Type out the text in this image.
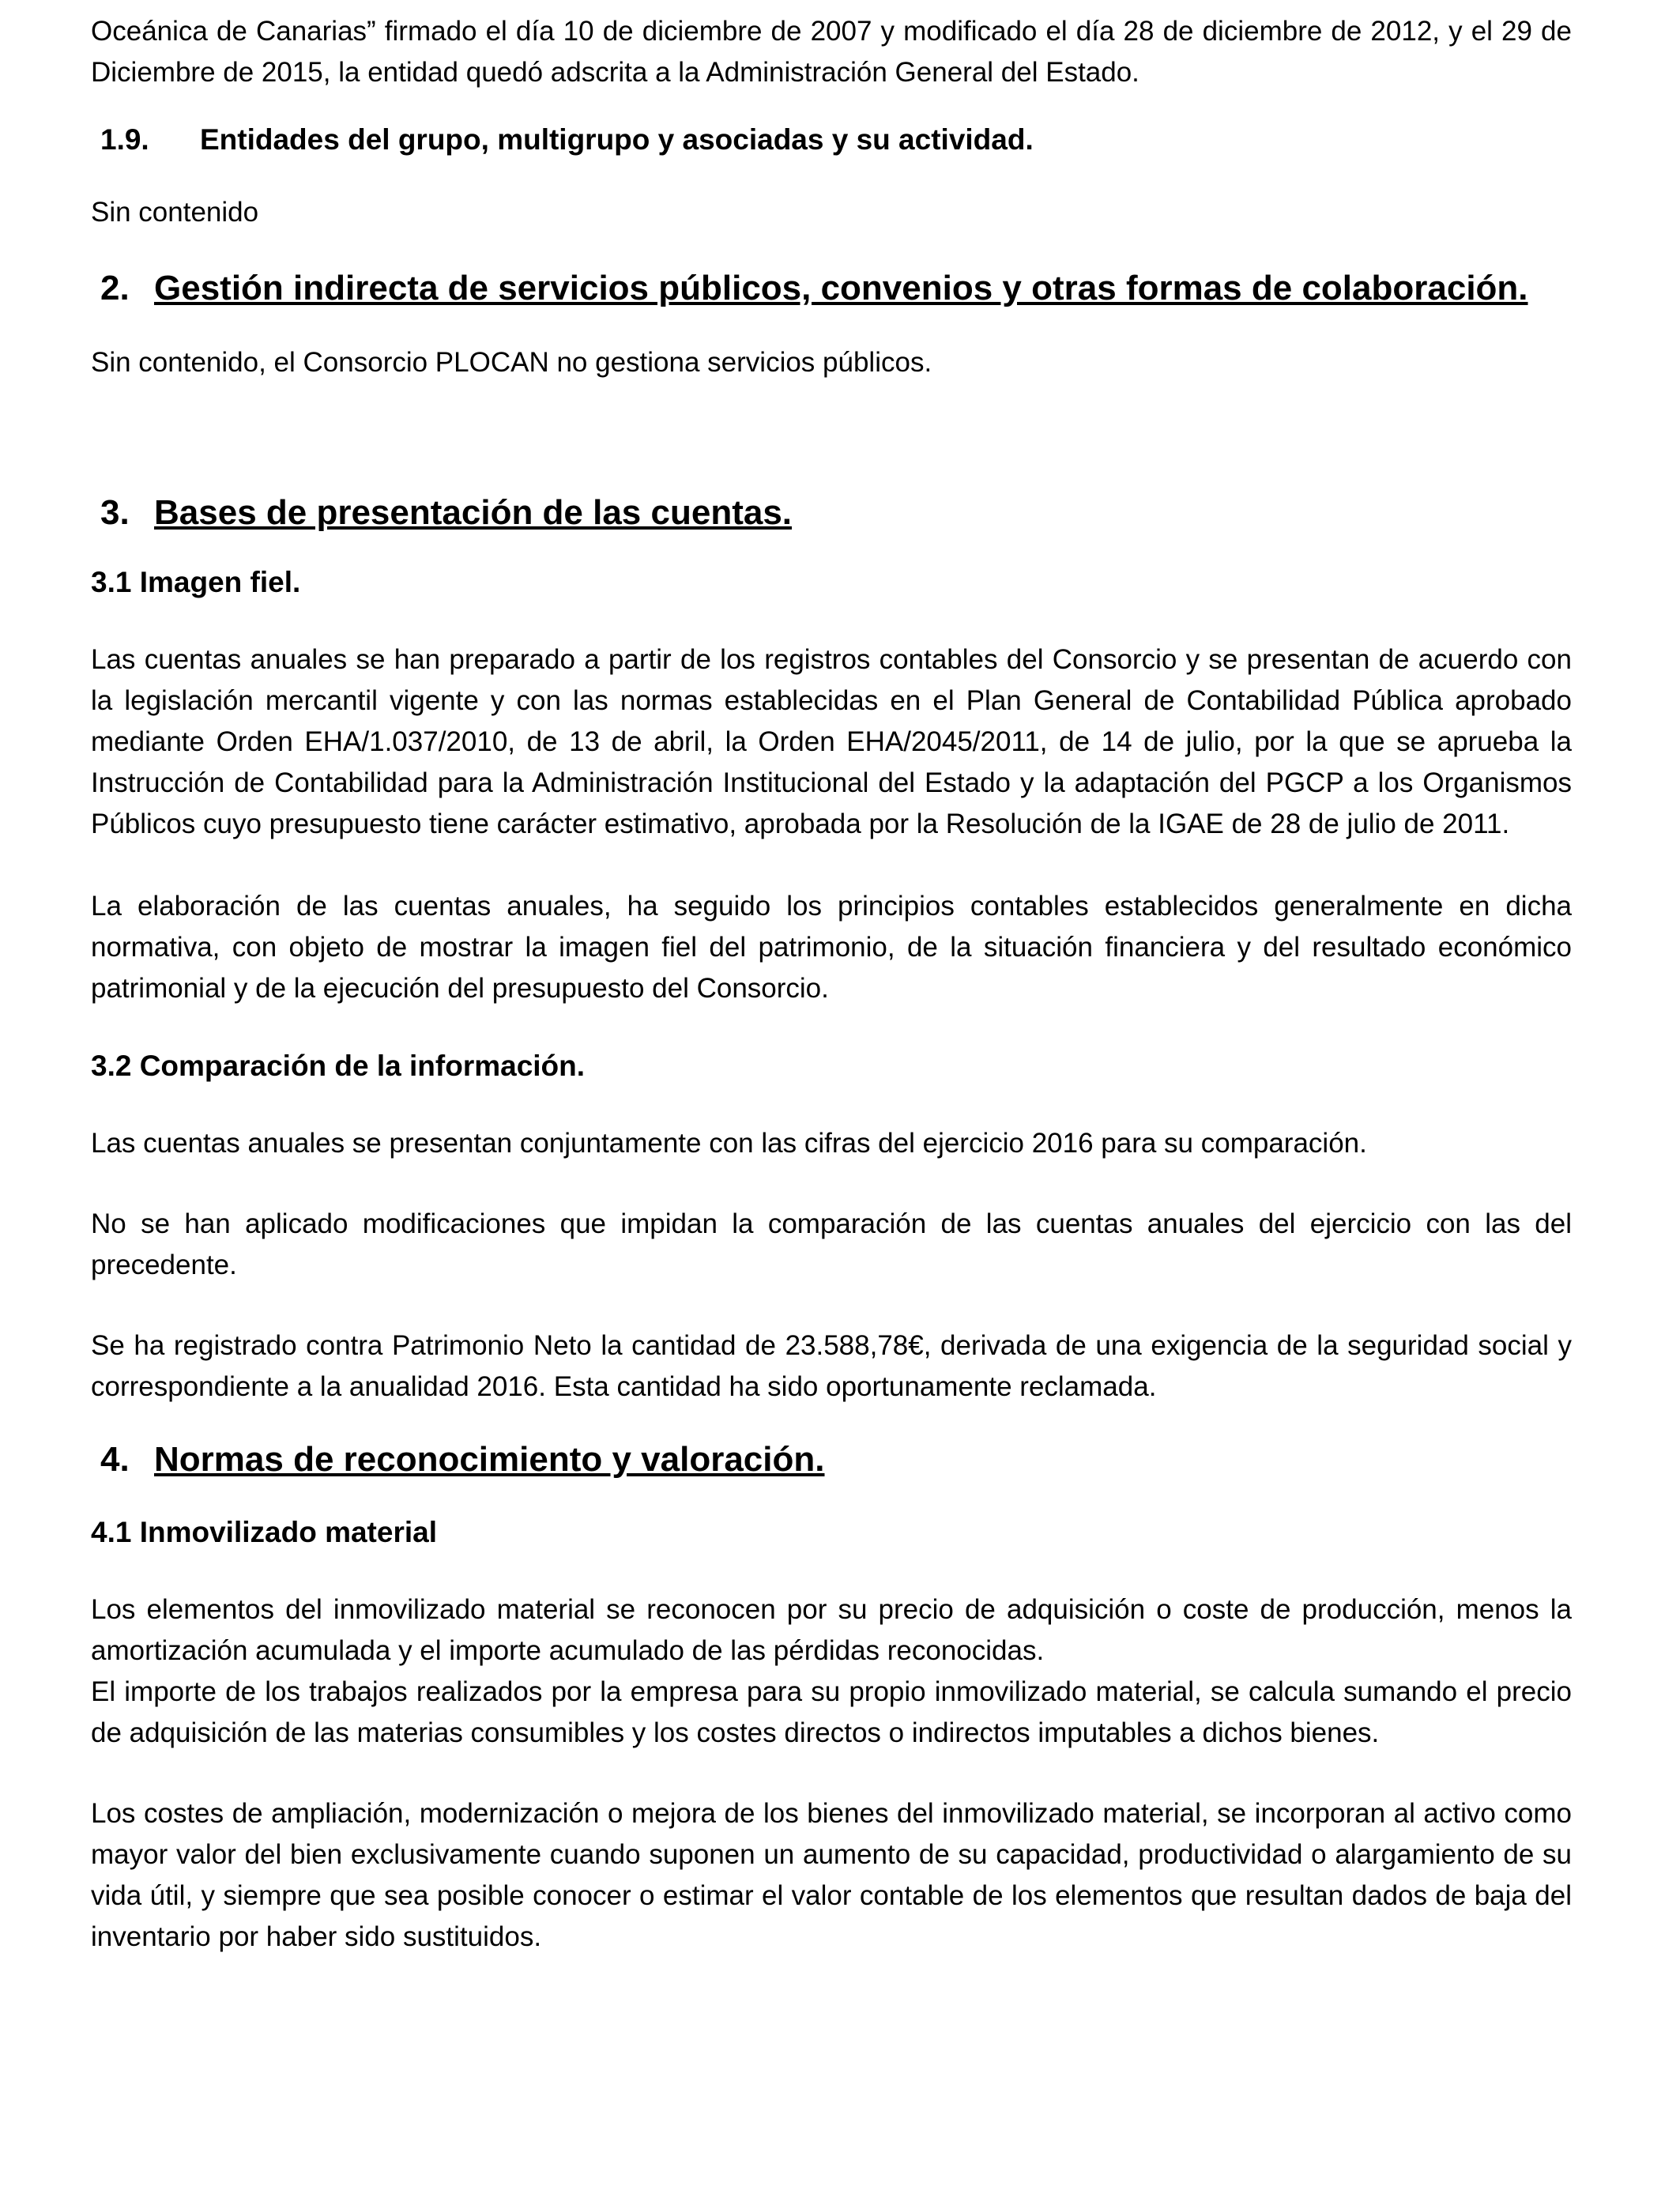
Oceánica de Canarias” firmado el día 10 de diciembre de 2007 y modificado el día 28 de diciembre de 2012, y el 29 de Diciembre de 2015, la entidad quedó adscrita a la Administración General del Estado.

1.9. Entidades del grupo, multigrupo y asociadas y su actividad.

Sin contenido

2. Gestión indirecta de servicios públicos, convenios y otras formas de colaboración.

Sin contenido, el Consorcio PLOCAN no gestiona servicios públicos.

3. Bases de presentación de las cuentas.
3.1 Imagen fiel.

Las cuentas anuales se han preparado a partir de los registros contables del Consorcio y se presentan de acuerdo con la legislación mercantil vigente y con las normas establecidas en el Plan General de Contabilidad Pública aprobado mediante Orden EHA/1.037/2010, de 13 de abril, la Orden EHA/2045/2011, de 14 de julio, por la que se aprueba la Instrucción de Contabilidad para la Administración Institucional del Estado y la adaptación del PGCP a los Organismos Públicos cuyo presupuesto tiene carácter estimativo, aprobada por la Resolución de la IGAE de 28 de julio de 2011.

La elaboración de las cuentas anuales, ha seguido los principios contables establecidos generalmente en dicha normativa, con objeto de mostrar la imagen fiel del patrimonio, de la situación financiera y del resultado económico patrimonial y de la ejecución del presupuesto del Consorcio.

3.2 Comparación de la información.

Las cuentas anuales se presentan conjuntamente con las cifras del ejercicio 2016 para su comparación.

No se han aplicado modificaciones que impidan la comparación de las cuentas anuales del ejercicio con las del precedente.

Se ha registrado contra Patrimonio Neto la cantidad de 23.588,78€, derivada de una exigencia de la seguridad social y correspondiente a la anualidad 2016. Esta cantidad ha sido oportunamente reclamada.

4. Normas de reconocimiento y valoración.
4.1 Inmovilizado material

Los elementos del inmovilizado material se reconocen por su precio de adquisición o coste de producción, menos la amortización acumulada y el importe acumulado de las pérdidas reconocidas.

El importe de los trabajos realizados por la empresa para su propio inmovilizado material, se calcula sumando el precio de adquisición de las materias consumibles y los costes directos o indirectos imputables a dichos bienes.

Los costes de ampliación, modernización o mejora de los bienes del inmovilizado material, se incorporan al activo como mayor valor del bien exclusivamente cuando suponen un aumento de su capacidad, productividad o alargamiento de su vida útil, y siempre que sea posible conocer o estimar el valor contable de los elementos que resultan dados de baja del inventario por haber sido sustituidos.
